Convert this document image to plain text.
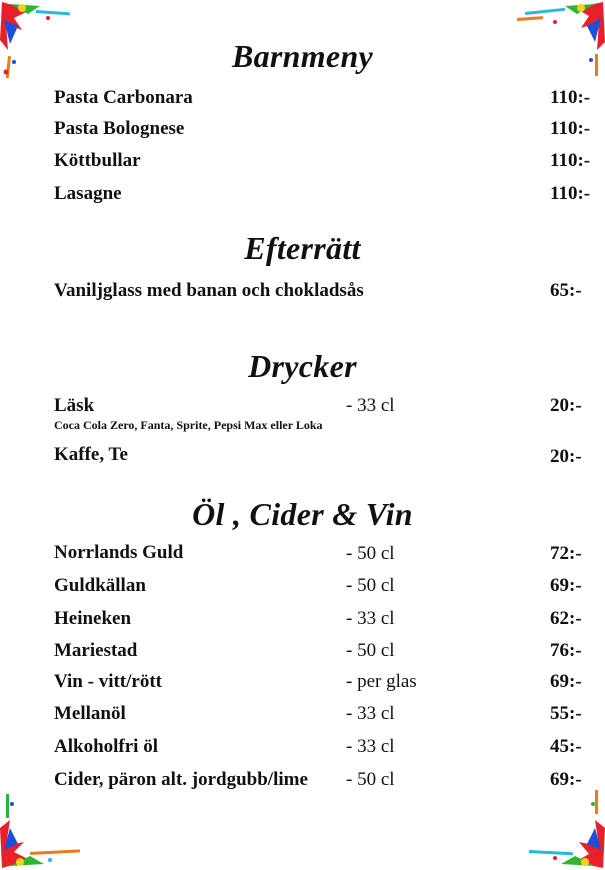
Barnmeny
Pasta Carbonara	110:-
Pasta Bolognese	110:-
Köttbullar	110:-
Lasagne	110:-
Efterrätt
Vaniljglass med banan och chokladsås	65:-
Drycker
Läsk	- 33 cl	20:-
Coca Cola Zero, Fanta, Sprite, Pepsi Max eller Loka
Kaffe, Te	20:-
Öl , Cider & Vin
Norrlands Guld	- 50 cl	72:-
Guldkällan	- 50 cl	69:-
Heineken	- 33 cl	62:-
Mariestad	- 50 cl	76:-
Vin - vitt/rött	- per glas	69:-
Mellanöl	- 33 cl	55:-
Alkoholfri öl	- 33 cl	45:-
Cider, päron alt. jordgubb/lime - 50 cl	69:-
